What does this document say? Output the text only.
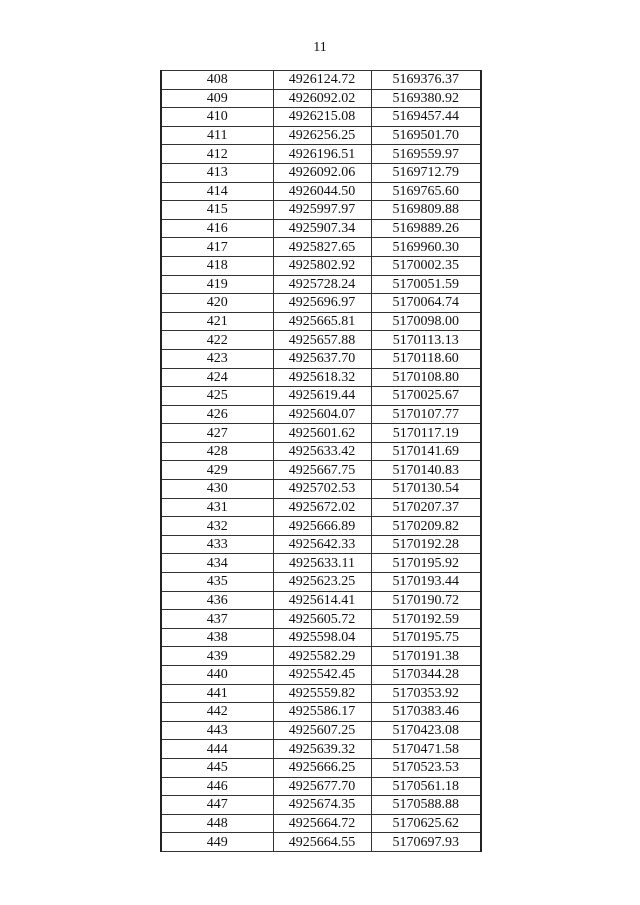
11
408	4926124.72	5169376.37
409	4926092.02	5169380.92
410	4926215.08	5169457.44
411	4926256.25	5169501.70
412	4926196.51	5169559.97
413	4926092.06	5169712.79
414	4926044.50	5169765.60
415	4925997.97	5169809.88
416	4925907.34	5169889.26
417	4925827.65	5169960.30
418	4925802.92	5170002.35
419	4925728.24	5170051.59
420	4925696.97	5170064.74
421	4925665.81	5170098.00
422	4925657.88	5170113.13
423	4925637.70	5170118.60
424	4925618.32	5170108.80
425	4925619.44	5170025.67
426	4925604.07	5170107.77
427	4925601.62	5170117.19
428	4925633.42	5170141.69
429	4925667.75	5170140.83
430	4925702.53	5170130.54
431	4925672.02	5170207.37
432	4925666.89	5170209.82
433	4925642.33	5170192.28
434	4925633.11	5170195.92
435	4925623.25	5170193.44
436	4925614.41	5170190.72
437	4925605.72	5170192.59
438	4925598.04	5170195.75
439	4925582.29	5170191.38
440	4925542.45	5170344.28
441	4925559.82	5170353.92
442	4925586.17	5170383.46
443	4925607.25	5170423.08
444	4925639.32	5170471.58
445	4925666.25	5170523.53
446	4925677.70	5170561.18
447	4925674.35	5170588.88
448	4925664.72	5170625.62
449	4925664.55	5170697.93
